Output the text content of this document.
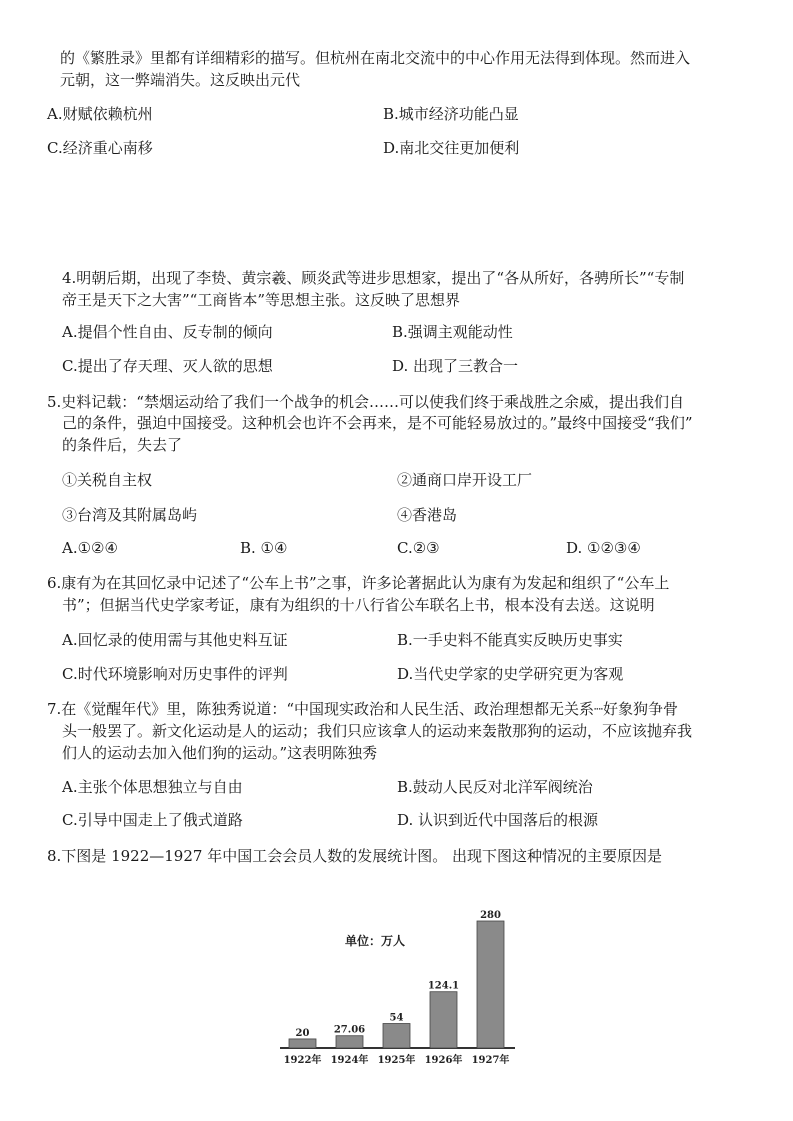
的《繁胜录》里都有详细精彩的描写。但杭州在南北交流中的中心作用无法得到体现。然而进入
元朝，这一弊端消失。这反映出元代
A.财赋依赖杭州	B.城市经济功能凸显
C.经济重心南移	D.南北交往更加便利
4.明朝后期，出现了李贽、黄宗羲、顾炎武等进步思想家，提出了“各从所好，各骋所长”“专制
帝王是天下之大害”“工商皆本”等思想主张。这反映了思想界
A.提倡个性自由、反专制的倾向	B.强调主观能动性
C.提出了存天理、灭人欲的思想	D. 出现了三教合一
5.史料记载：“禁烟运动给了我们一个战争的机会……可以使我们终于乘战胜之余威，提出我们自
己的条件，强迫中国接受。这种机会也许不会再来，是不可能轻易放过的。”最终中国接受“我们”
的条件后，失去了
①关税自主权	②通商口岸开设工厂
③台湾及其附属岛屿	④香港岛
A.①②④	B. ①④	C.②③	D. ①②③④
6.康有为在其回忆录中记述了“公车上书”之事，许多论著据此认为康有为发起和组织了“公车上
书”；但据当代史学家考证，康有为组织的十八行省公车联名上书，根本没有去送。这说明
A.回忆录的使用需与其他史料互证	B.一手史料不能真实反映历史事实
C.时代环境影响对历史事件的评判	D.当代史学家的史学研究更为客观
7.在《觉醒年代》里，陈独秀说道：“中国现实政治和人民生活、政治理想都无关系┈好象狗争骨
头一般罢了。新文化运动是人的运动；我们只应该拿人的运动来轰散那狗的运动，不应该抛弃我
们人的运动去加入他们狗的运动。”这表明陈独秀
A.主张个体思想独立与自由	B.鼓动人民反对北洋军阀统治
C.引导中国走上了俄式道路	D. 认识到近代中国落后的根源
8.下图是 1922—1927 年中国工会会员人数的发展统计图。 出现下图这种情况的主要原因是
单位：万人
20
1922年
27.06
1924年
54
1925年
124.1
1926年
280
1927年
